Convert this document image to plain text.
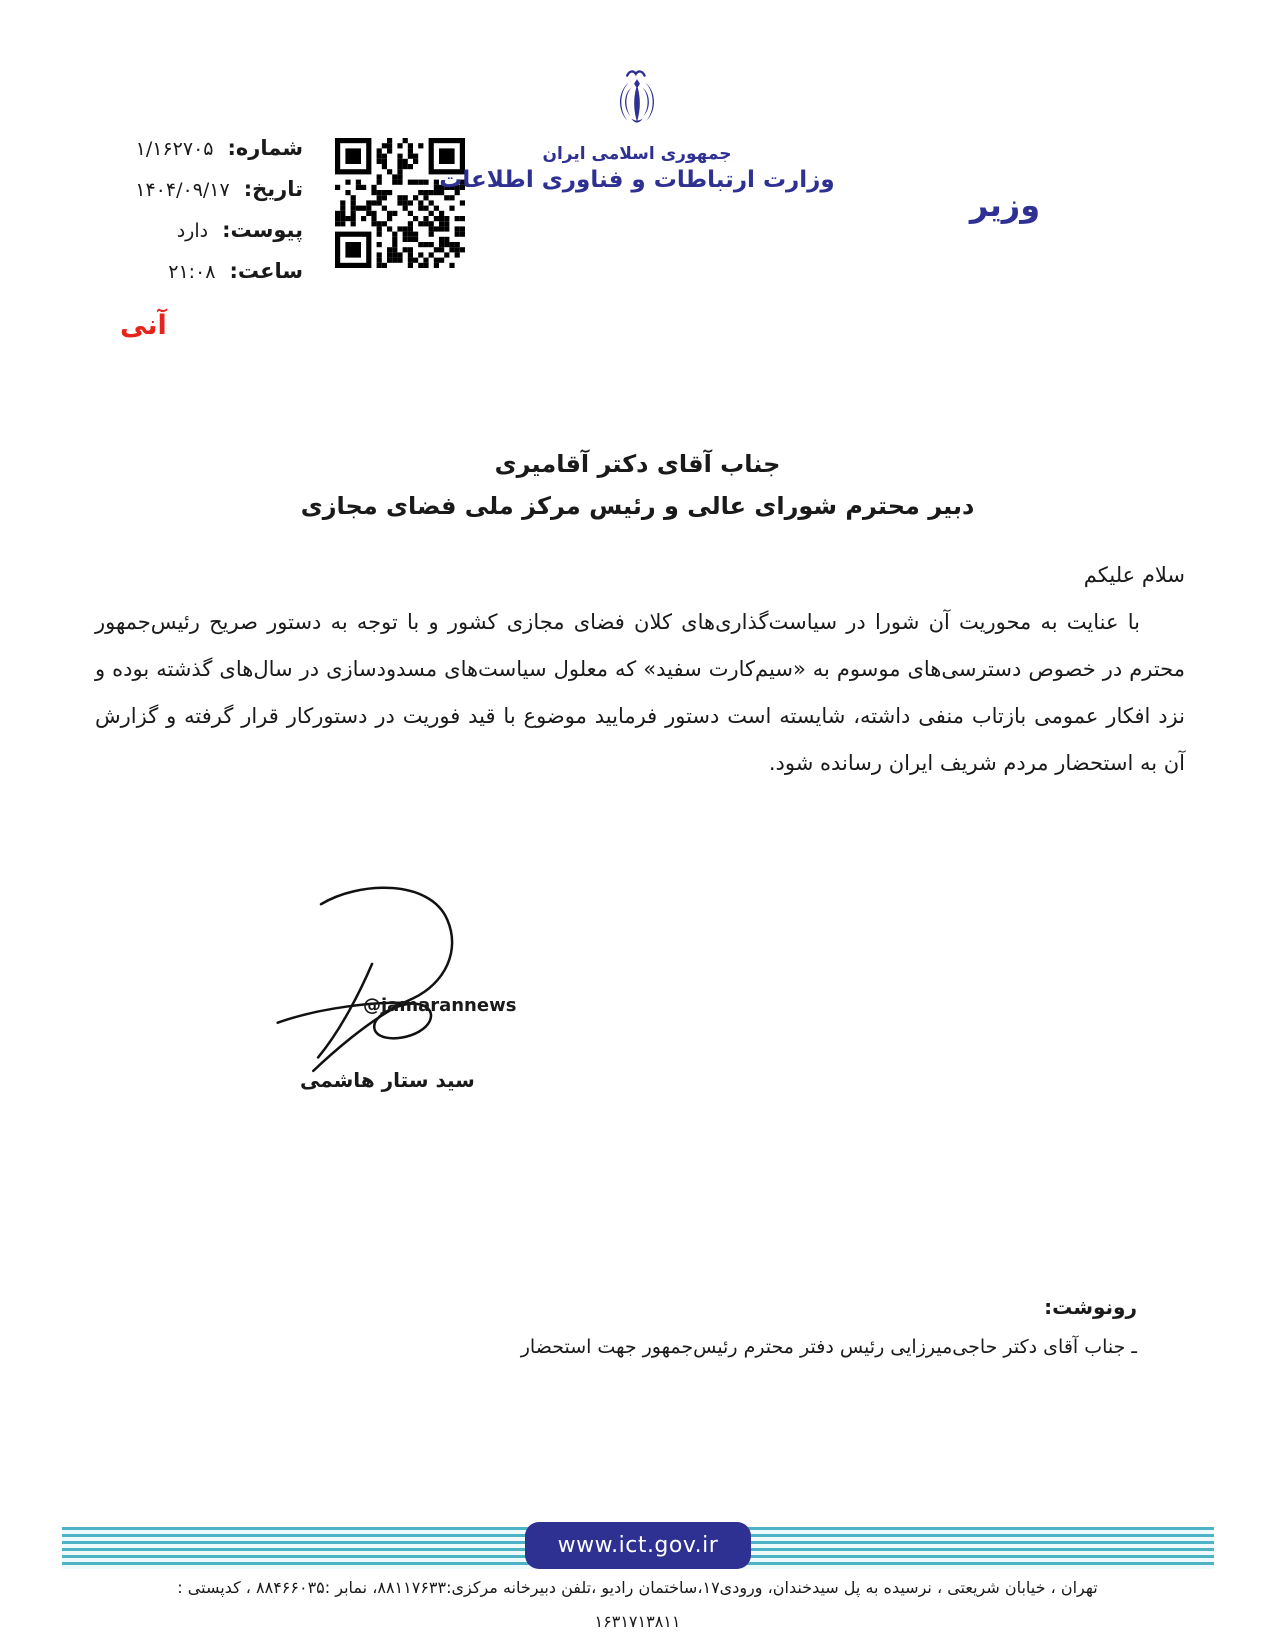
شماره:
۱/۱۶۲۷۰۵
تاریخ:
۱۴۰۴/۰۹/۱۷
پیوست:
دارد
ساعت:
۲۱:۰۸
جمهوری اسلامی ایران
وزارت ارتباطات و فناوری اطلاعات
وزیر
آنی
جناب آقای دکتر آقامیری
دبیر محترم شورای عالی و رئیس مرکز ملی فضای مجازی
سلام علیکم
با عنایت به محوریت آن شورا در سیاست‌گذاری‌های کلان فضای مجازی کشور و با توجه به دستور صریح رئیس‌جمهور محترم در خصوص دسترسی‌های موسوم به «سیم‌کارت سفید» که معلول سیاست‌های مسدودسازی در سال‌های گذشته بوده و نزد افکار عمومی بازتاب منفی داشته، شایسته است دستور فرمایید موضوع با قید فوریت در دستورکار قرار گرفته و گزارش آن به استحضار مردم شریف ایران رسانده شود.
@jamarannews
سید ستار هاشمی
رونوشت:
ـ جناب آقای دکتر حاجی‌میرزایی رئیس دفتر محترم رئیس‌جمهور جهت استحضار
www.ict.gov.ir
تهران ، خیابان شریعتی ، نرسیده به پل سیدخندان، ورودی۱۷،ساختمان رادیو ،تلفن دبیرخانه مرکزی:۸۸۱۱۷۶۳۳، نمابر :۸۸۴۶۶۰۳۵ ، کدپستی :
۱۶۳۱۷۱۳۸۱۱
